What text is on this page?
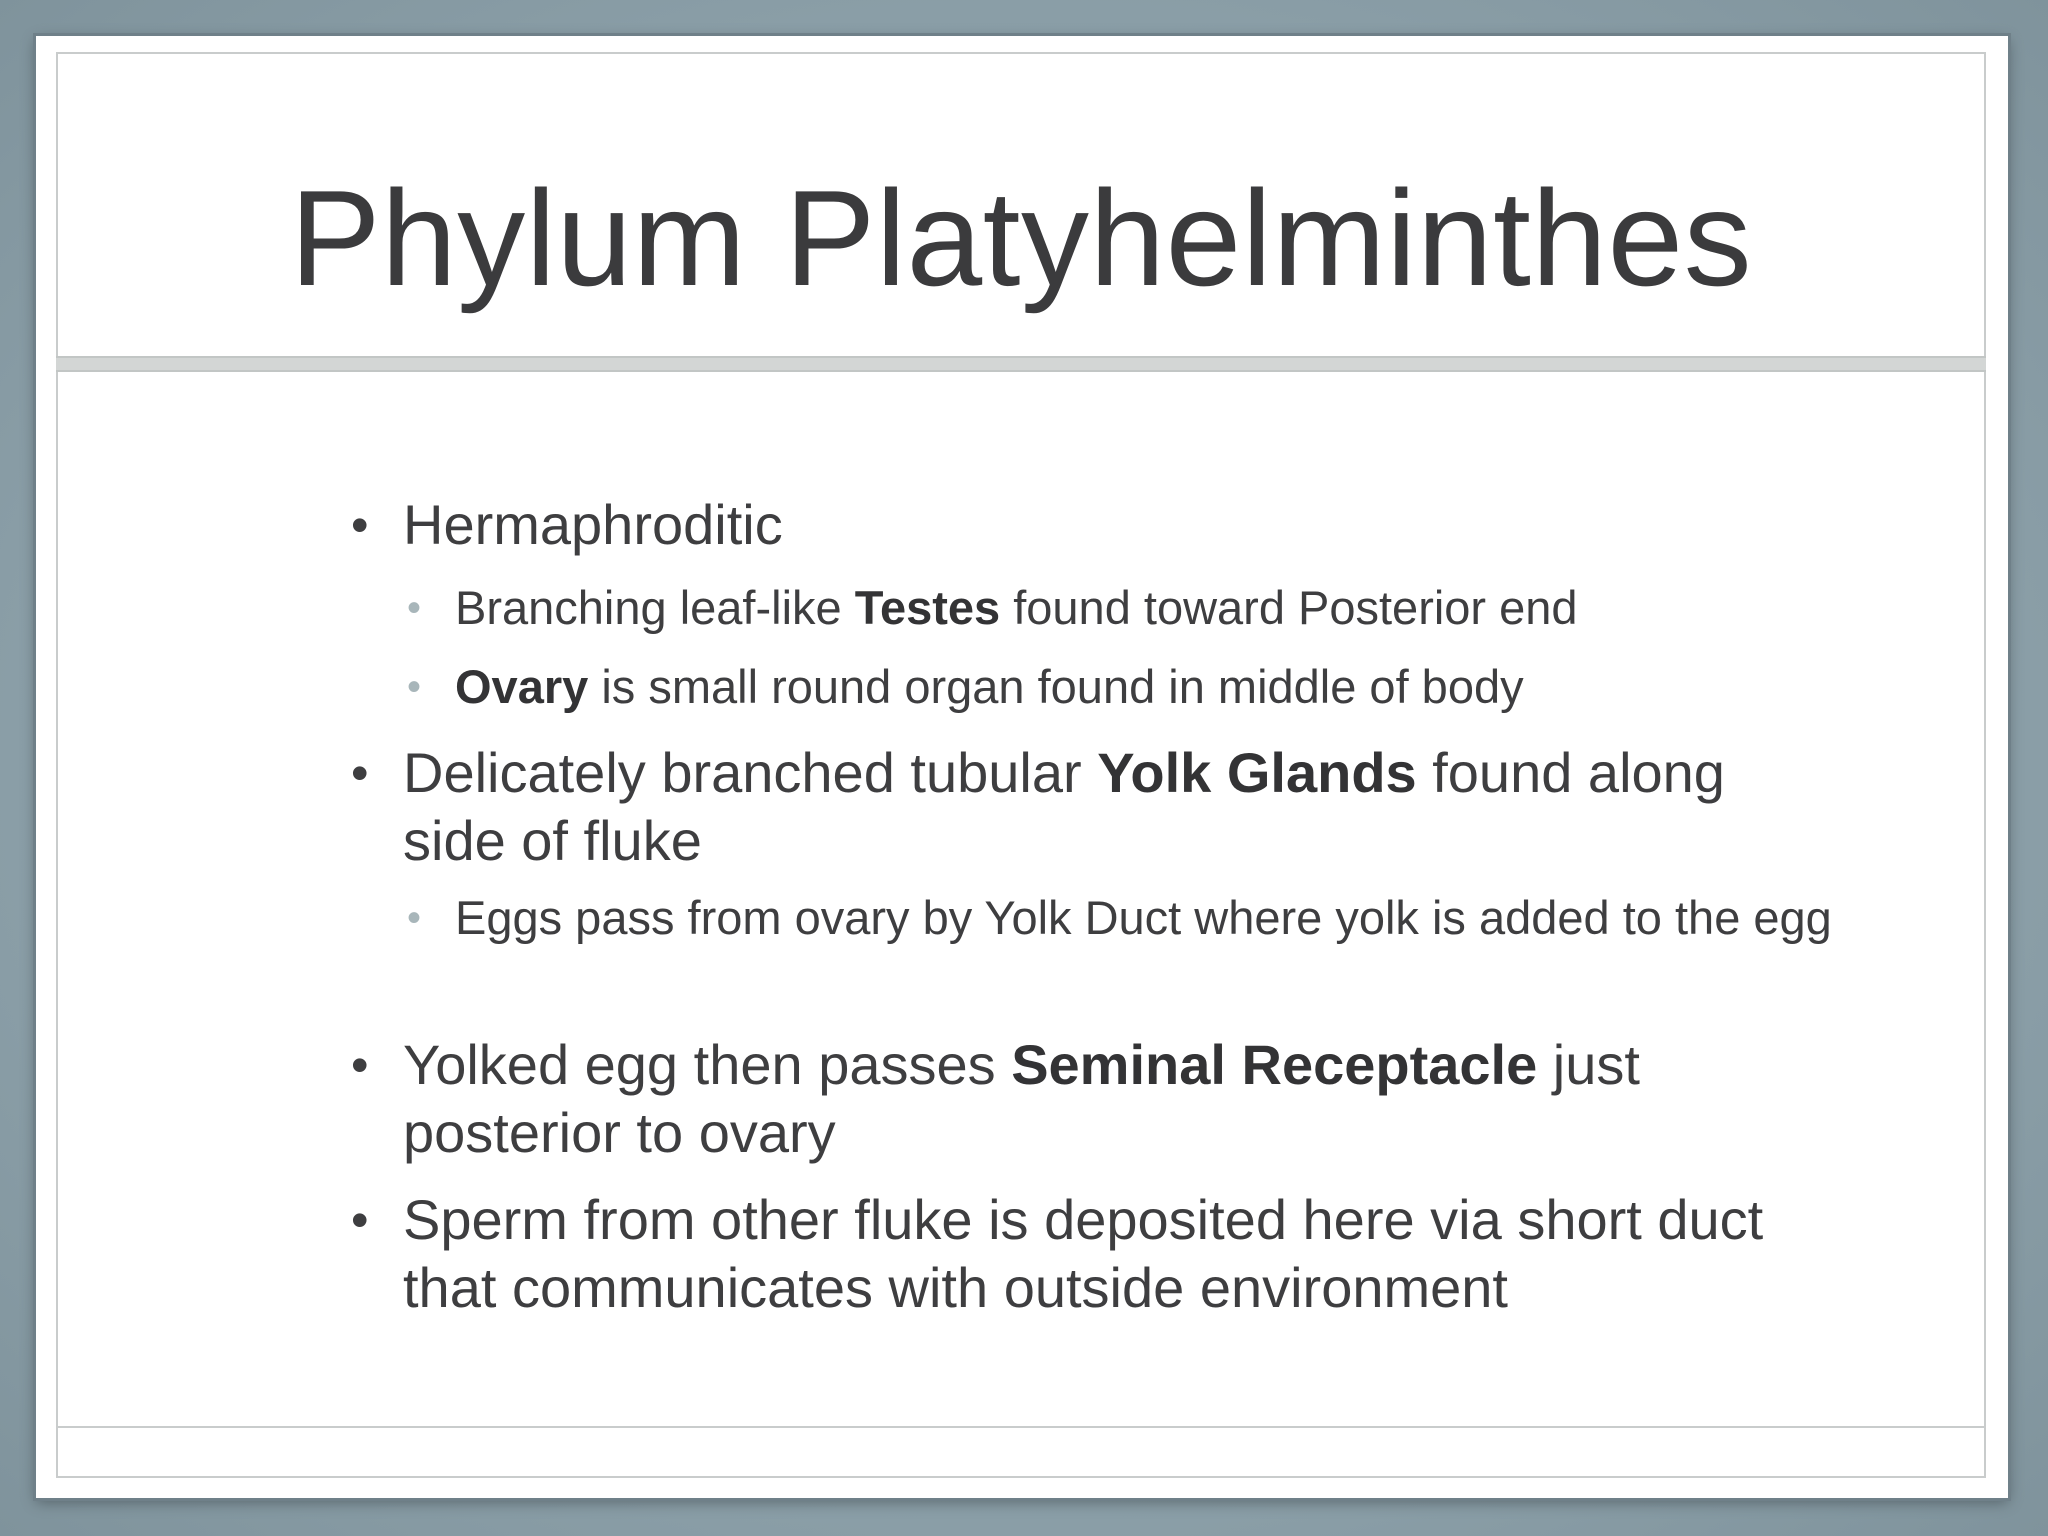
Phylum Platyhelminthes
• Hermaphroditic
• Branching leaf-like Testes found toward Posterior end
• Ovary is small round organ found in middle of body
• Delicately branched tubular Yolk Glands found along side of fluke
• Eggs pass from ovary by Yolk Duct where yolk is added to the egg
• Yolked egg then passes Seminal Receptacle just posterior to ovary
• Sperm from other fluke is deposited here via short duct that communicates with outside environment
